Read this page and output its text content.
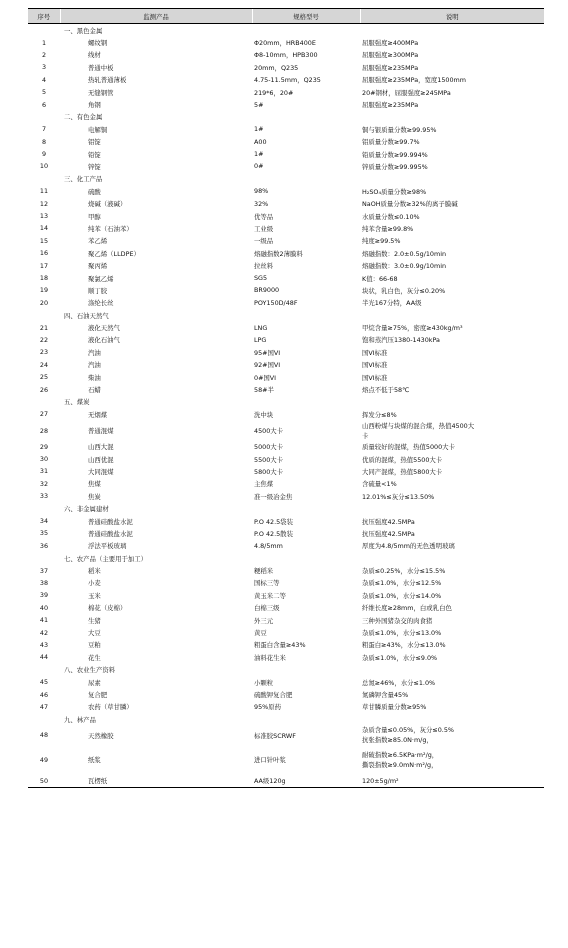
序号	监测产品	规格型号	说明
	一、黑色金属		
1	螺纹钢	Φ20mm，HRB400E	屈服强度≥400MPa
2	线材	Φ8-10mm，HPB300	屈服强度≥300MPa
3	普通中板	20mm，Q235	屈服强度≥235MPa
4	热轧普通薄板	4.75-11.5mm，Q235	屈服强度≥235MPa，宽度1500mm
5	无缝钢管	219*6，20#	20#钢材，屈服强度≥245MPa
6	角钢	5#	屈服强度≥235MPa
	二、有色金属		
7	电解铜	1#	铜与银质量分数≥99.95%
8	铝锭	A00	铝质量分数≥99.7%
9	铅锭	1#	铅质量分数≥99.994%
10	锌锭	0#	锌质量分数≥99.995%
	三、化工产品		
11	硫酸	98%	H₂SO₄质量分数≥98%
12	烧碱（液碱）	32%	NaOH质量分数≥32%的离子膜碱
13	甲醇	优等品	水质量分数≤0.10%
14	纯苯（石油苯）	工业级	纯苯含量≥99.8%
15	苯乙烯	一级品	纯度≥99.5%
16	聚乙烯（LLDPE）	熔融指数2薄膜料	熔融指数：2.0±0.5g/10min
17	聚丙烯	拉丝料	熔融指数：3.0±0.9g/10min
18	聚氯乙烯	SG5	K值：66-68
19	顺丁胶	BR9000	块状，乳白色，灰分≤0.20%
20	涤纶长丝	POY150D/48F	半光167分特，AA级
	四、石油天然气		
21	液化天然气	LNG	甲烷含量≥75%，密度≥430kg/m³
22	液化石油气	LPG	饱和蒸汽压1380-1430kPa
23	汽油	95#国VI	国VI标准
24	汽油	92#国VI	国VI标准
25	柴油	0#国VI	国VI标准
26	石蜡	58#半	熔点不低于58℃
	五、煤炭		
27	无烟煤	洗中块	挥发分≤8%
28	普通混煤	4500大卡	山西粉煤与块煤的混合煤，热值4500大
卡

29	山西大混	5000大卡	质量较好的混煤，热值5000大卡
30	山西优混	5500大卡	优质的混煤，热值5500大卡
31	大同混煤	5800大卡	大同产混煤，热值5800大卡
32	焦煤	主焦煤	含硫量<1%
33	焦炭	准一级冶金焦	12.01%≤灰分≤13.50%
	六、非金属建材		
34	普通硅酸盐水泥	P.O 42.5袋装	抗压强度42.5MPa
35	普通硅酸盐水泥	P.O 42.5散装	抗压强度42.5MPa
36	浮法平板玻璃	4.8/5mm	厚度为4.8/5mm的无色透明玻璃
	七、农产品（主要用于加工）		
37	稻米	粳稻米	杂质≤0.25%，水分≤15.5%
38	小麦	国标三等	杂质≤1.0%，水分≤12.5%
39	玉米	黄玉米二等	杂质≤1.0%，水分≤14.0%
40	棉花（皮棉）	白棉三级	纤维长度≥28mm，白或乳白色
41	生猪	外三元	三种外国猪杂交的肉食猪
42	大豆	黄豆	杂质≤1.0%，水分≤13.0%
43	豆粕	粗蛋白含量≥43%	粗蛋白≥43%，水分≤13.0%
44	花生	油料花生米	杂质≤1.0%，水分≤9.0%
	八、农业生产资料		
45	尿素	小颗粒	总氮≥46%，水分≤1.0%
46	复合肥	硫酸钾复合肥	氮磷钾含量45%
47	农药（草甘膦）	95%原药	草甘膦质量分数≥95%
	九、林产品		
48	天然橡胶	标准胶SCRWF	杂质含量≤0.05%，灰分≤0.5%
抗张指数≥85.0N·m/g，

49	纸浆	进口针叶浆	耐破指数≥6.5KPa·m²/g，
撕裂指数≥9.0mN·m²/g，

50	瓦楞纸	AA级120g	120±5g/m²
